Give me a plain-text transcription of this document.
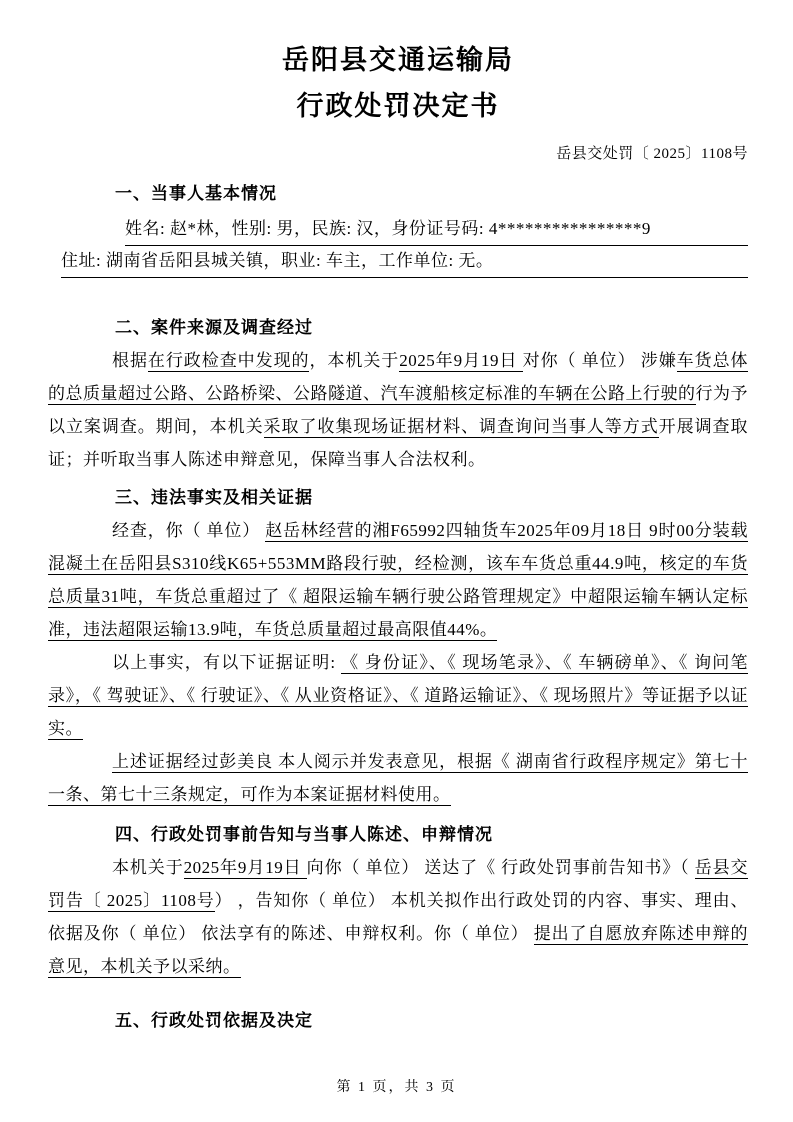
岳阳县交通运输局
行政处罚决定书
岳县交处罚〔 2025〕1108号
一、当事人基本情况

姓名: 赵*林，性别: 男，民族: 汉，身份证号码: 4****************9

住址: 湖南省岳阳县城关镇，职业: 车主，工作单位: 无。

二、案件来源及调查经过

根据在行政检查中发现的，本机关于2025年9月19日 对你（ 单位） 涉嫌车货总体的总质量超过公路、公路桥梁、公路隧道、汽车渡船核定标准的车辆在公路上行驶的行为予以立案调查。期间，本机关采取了收集现场证据材料、调查询问当事人等方式开展调查取证；并听取当事人陈述申辩意见，保障当事人合法权利。

三、违法事实及相关证据

经查，你（ 单位） 赵岳林经营的湘F65992四轴货车2025年09月18日 9时00分装载混凝土在岳阳县S310线K65+553MM路段行驶，经检测，该车车货总重44.9吨，核定的车货总质量31吨，车货总重超过了《 超限运输车辆行驶公路管理规定》中超限运输车辆认定标准，违法超限运输13.9吨，车货总质量超过最高限值44%。

以上事实，有以下证据证明: 《 身份证》、《 现场笔录》、《 车辆磅单》、《 询问笔录》，《 驾驶证》、《 行驶证》、《 从业资格证》、《 道路运输证》、《 现场照片》等证据予以证实。

上述证据经过彭美良 本人阅示并发表意见，根据《 湖南省行政程序规定》第七十一条、第七十三条规定，可作为本案证据材料使用。

四、行政处罚事前告知与当事人陈述、申辩情况

本机关于2025年9月19日 向你（ 单位） 送达了《 行政处罚事前告知书》（ 岳县交罚告〔 2025〕1108号） ，告知你（ 单位） 本机关拟作出行政处罚的内容、事实、理由、依据及你（ 单位） 依法享有的陈述、申辩权利。你（ 单位） 提出了自愿放弃陈述申辩的意见，本机关予以采纳。

五、行政处罚依据及决定
第 1 页，共 3 页
